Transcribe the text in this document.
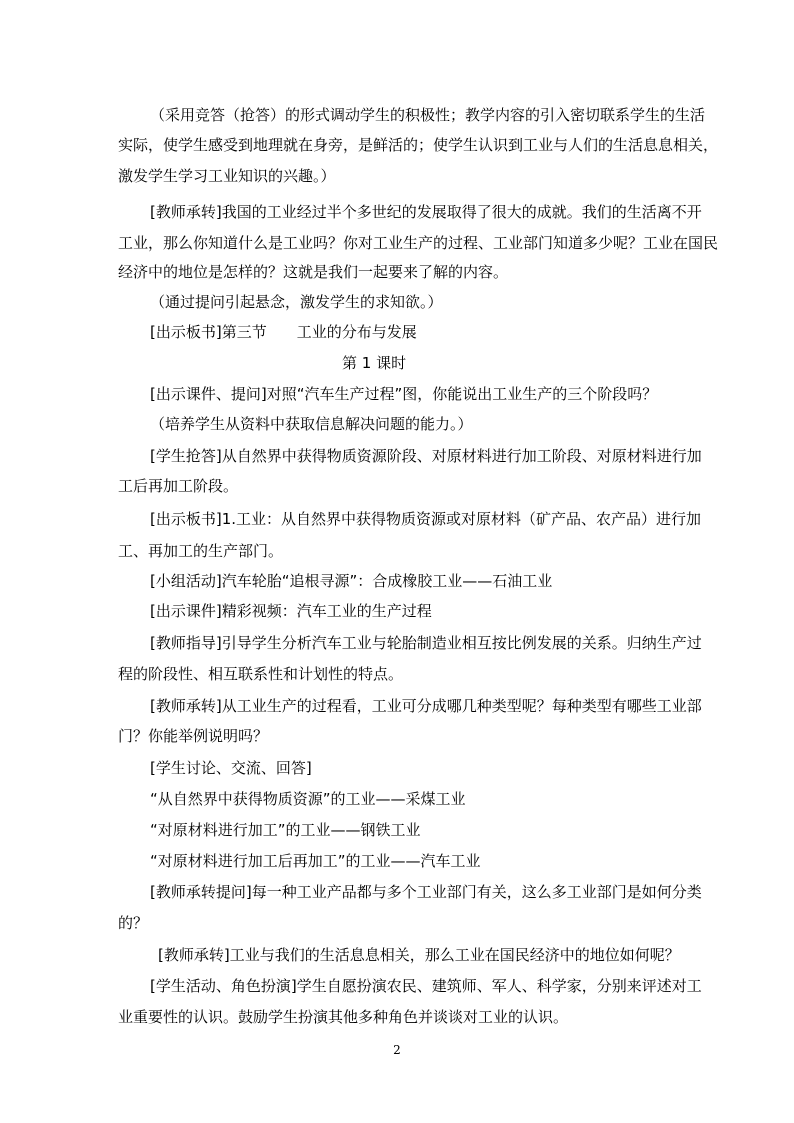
（采用竞答（抢答）的形式调动学生的积极性；教学内容的引入密切联系学生的生活
实际，使学生感受到地理就在身旁，是鲜活的；使学生认识到工业与人们的生活息息相关，
激发学生学习工业知识的兴趣。）
[教师承转]我国的工业经过半个多世纪的发展取得了很大的成就。我们的生活离不开
工业，那么你知道什么是工业吗？你对工业生产的过程、工业部门知道多少呢？工业在国民
经济中的地位是怎样的？这就是我们一起要来了解的内容。
（通过提问引起悬念，激发学生的求知欲。）
[出示板书]第三节　　工业的分布与发展
第 1 课时
[出示课件、提问]对照“汽车生产过程”图，你能说出工业生产的三个阶段吗？
（培养学生从资料中获取信息解决问题的能力。）
[学生抢答]从自然界中获得物质资源阶段、对原材料进行加工阶段、对原材料进行加
工后再加工阶段。
[出示板书]1.工业：从自然界中获得物质资源或对原材料（矿产品、农产品）进行加
工、再加工的生产部门。
[小组活动]汽车轮胎“追根寻源”：合成橡胶工业——石油工业
[出示课件]精彩视频：汽车工业的生产过程
[教师指导]引导学生分析汽车工业与轮胎制造业相互按比例发展的关系。归纳生产过
程的阶段性、相互联系性和计划性的特点。
[教师承转]从工业生产的过程看，工业可分成哪几种类型呢？每种类型有哪些工业部
门？你能举例说明吗？
[学生讨论、交流、回答]
“从自然界中获得物质资源”的工业——采煤工业
“对原材料进行加工”的工业——钢铁工业
“对原材料进行加工后再加工”的工业——汽车工业
[教师承转提问]每一种工业产品都与多个工业部门有关，这么多工业部门是如何分类
的？
[教师承转]工业与我们的生活息息相关，那么工业在国民经济中的地位如何呢？
[学生活动、角色扮演]学生自愿扮演农民、建筑师、军人、科学家，分别来评述对工
业重要性的认识。鼓励学生扮演其他多种角色并谈谈对工业的认识。
2
